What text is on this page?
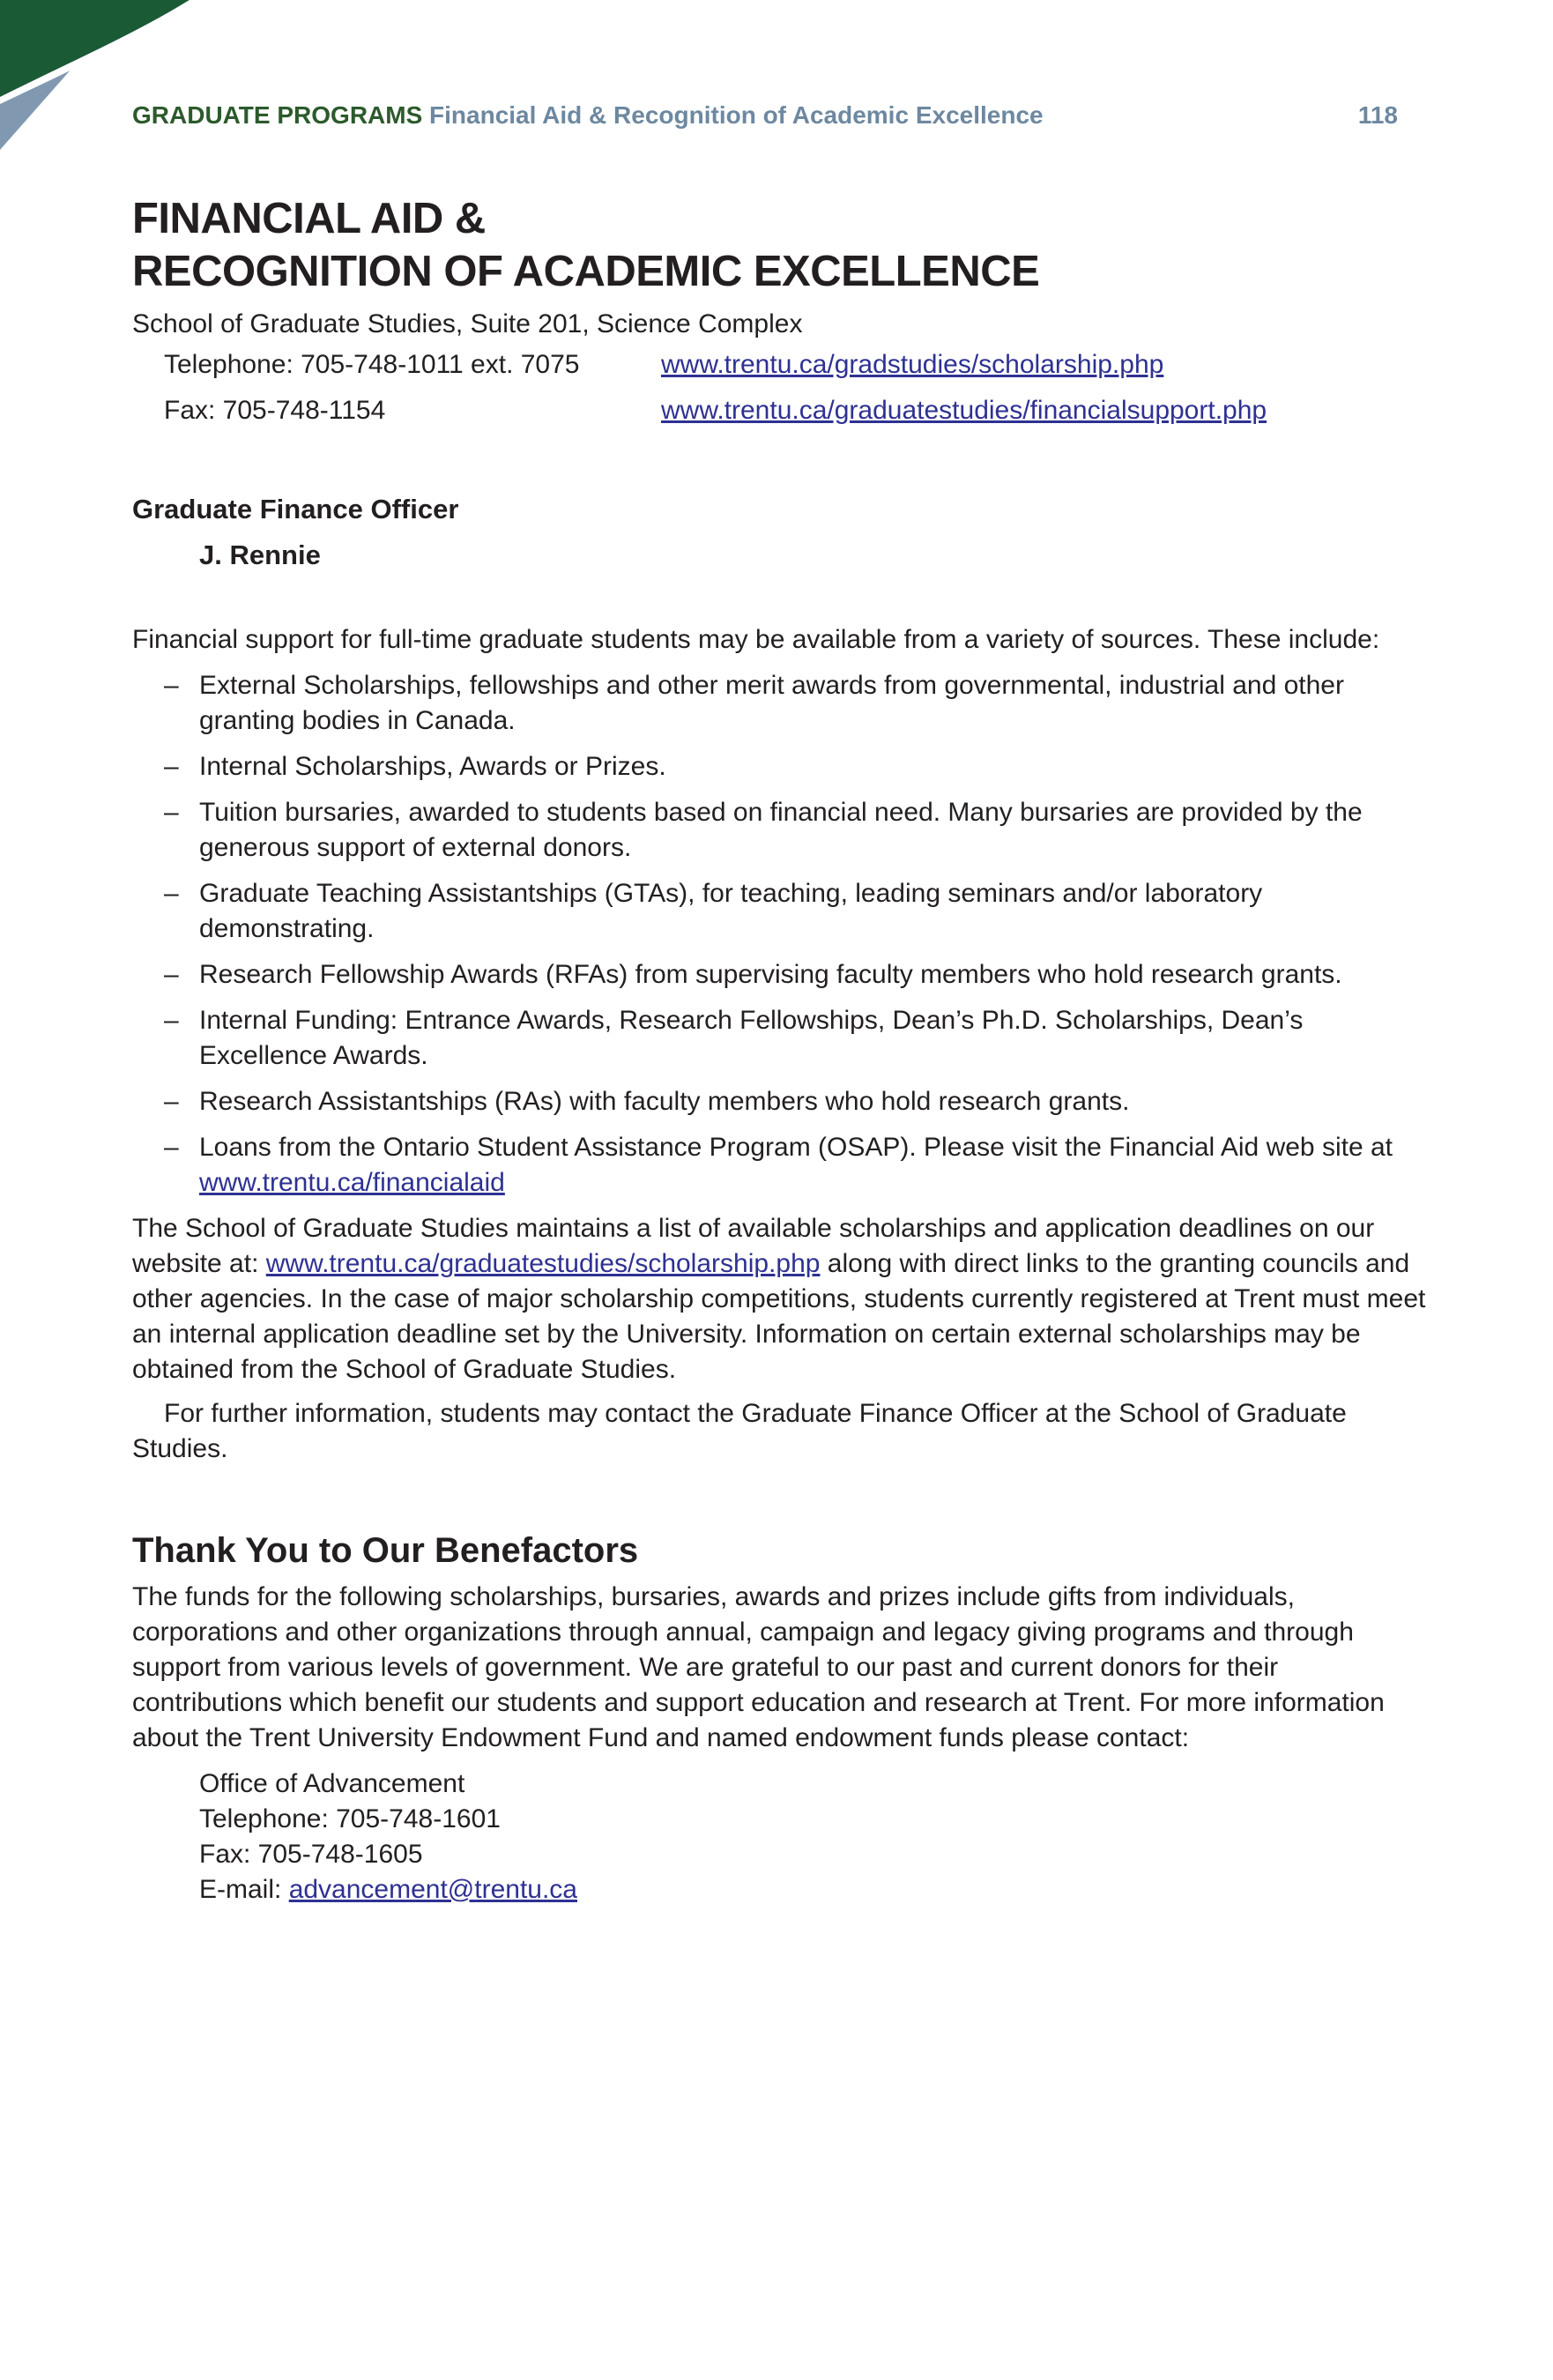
GRADUATE PROGRAMS Financial Aid & Recognition of Academic Excellence	118
FINANCIAL AID &
RECOGNITION OF ACADEMIC EXCELLENCE

School of Graduate Studies, Suite 201, Science Complex

Telephone: 705-748-1011 ext. 7075	www.trentu.ca/gradstudies/scholarship.php
Fax: 705-748-1154	www.trentu.ca/graduatestudies/financialsupport.php
Graduate Finance Officer
J. Rennie

Financial support for full-time graduate students may be available from a variety of sources. These include:

– External Scholarships, fellowships and other merit awards from governmental, industrial and other granting bodies in Canada.
– Internal Scholarships, Awards or Prizes.
– Tuition bursaries, awarded to students based on financial need. Many bursaries are provided by the generous support of external donors.
– Graduate Teaching Assistantships (GTAs), for teaching, leading seminars and/or laboratory demonstrating.
– Research Fellowship Awards (RFAs) from supervising faculty members who hold research grants.
– Internal Funding: Entrance Awards, Research Fellowships, Dean’s Ph.D. Scholarships, Dean’s Excellence Awards.
– Research Assistantships (RAs) with faculty members who hold research grants.
– Loans from the Ontario Student Assistance Program (OSAP). Please visit the Financial Aid web site at www.trentu.ca/financialaid

The School of Graduate Studies maintains a list of available scholarships and application deadlines on our website at: www.trentu.ca/graduatestudies/scholarship.php along with direct links to the granting councils and other agencies. In the case of major scholarship competitions, students currently registered at Trent must meet an internal application deadline set by the University. Information on certain external scholarships may be obtained from the School of Graduate Studies.

For further information, students may contact the Graduate Finance Officer at the School of Graduate Studies.

Thank You to Our Benefactors

The funds for the following scholarships, bursaries, awards and prizes include gifts from individuals, corporations and other organizations through annual, campaign and legacy giving programs and through support from various levels of government. We are grateful to our past and current donors for their contributions which benefit our students and support education and research at Trent. For more information about the Trent University Endowment Fund and named endowment funds please contact:

Office of Advancement
Telephone: 705-748-1601
Fax: 705-748-1605
E-mail: advancement@trentu.ca
